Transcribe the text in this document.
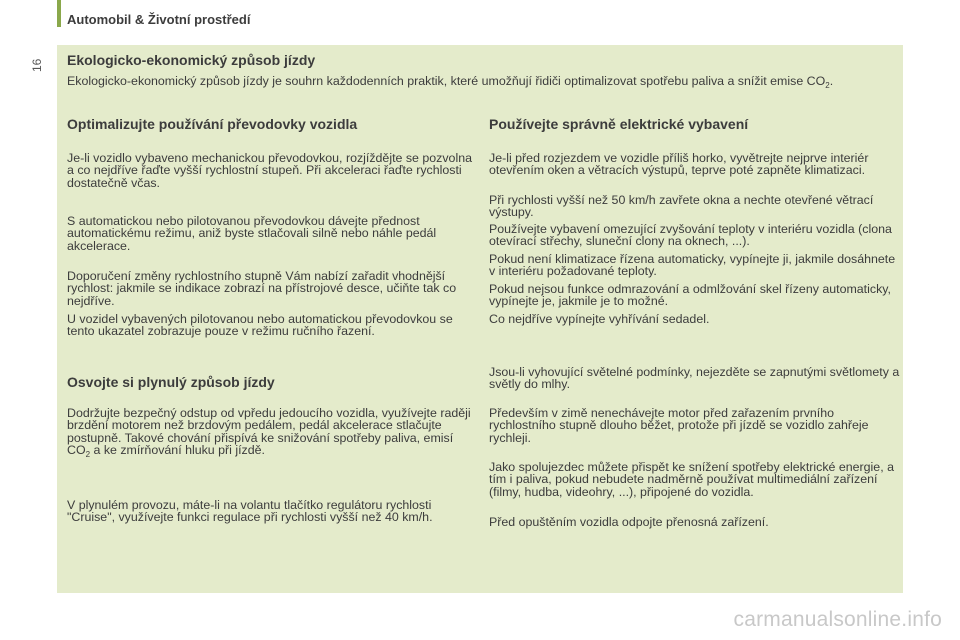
Automobil & Životní prostředí
16 Ekologicko-ekonomický způsob jízdy
Ekologicko-ekonomický způsob jízdy je souhrn každodenních praktik, které umožňují řidiči optimalizovat spotřebu paliva a snížit emise $CO_2$.
Optimalizujte používání převodovky vozidla
Je-li vozidlo vybaveno mechanickou převodovkou, rozjíždějte se pozvolna a co nejdříve řaďte vyšší rychlostní stupeň. Při akceleraci řaďte rychlosti dostatečně včas.
S automatickou nebo pilotovanou převodovkou dávejte přednost automatickému režimu, aniž byste stlačovali silně nebo náhle pedál akcelerace.
Doporučení změny rychlostního stupně Vám nabízí zařadit vhodnější rychlost: jakmile se indikace zobrazí na přístrojové desce, učiňte tak co nejdříve.
U vozidel vybavených pilotovanou nebo automatickou převodovkou se tento ukazatel zobrazuje pouze v režimu ručního řazení.
Osvojte si plynulý způsob jízdy
Dodržujte bezpečný odstup od vpředu jedoucího vozidla, využívejte raději brzdění motorem než brzdovým pedálem, pedál akcelerace stlačujte postupně. Takové chování přispívá ke snižování spotřeby paliva, emisí $CO_2$ a ke zmírňování hluku při jízdě.
V plynulém provozu, máte-li na volantu tlačítko regulátoru rychlosti "Cruise", využívejte funkci regulace při rychlosti vyšší než 40 km/h.
Používejte správně elektrické vybavení
Je-li před rozjezdem ve vozidle příliš horko, vyvětrejte nejprve interiér otevřením oken a větracích výstupů, teprve poté zapněte klimatizaci.
Při rychlosti vyšší než 50 km/h zavřete okna a nechte otevřené větrací výstupy.
Používejte vybavení omezující zvyšování teploty v interiéru vozidla (clona otevírací střechy, sluneční clony na oknech, ...).
Pokud není klimatizace řízena automaticky, vypínejte ji, jakmile dosáhnete v interiéru požadované teploty.
Pokud nejsou funkce odmrazování a odmlžování skel řízeny automaticky, vypínejte je, jakmile je to možné.
Co nejdříve vypínejte vyhřívání sedadel.
Jsou-li vyhovující světelné podmínky, nejezděte se zapnutými světlomety a světly do mlhy.
Především v zimě nenechávejte motor před zařazením prvního rychlostního stupně dlouho běžet, protože při jízdě se vozidlo zahřeje rychleji.
Jako spolujezdec můžete přispět ke snížení spotřeby elektrické energie, a tím i paliva, pokud nebudete nadměrně používat multimediální zařízení (filmy, hudba, videohry, ...), připojené do vozidla.
Před opuštěním vozidla odpojte přenosná zařízení.
carmanualsonline.info
